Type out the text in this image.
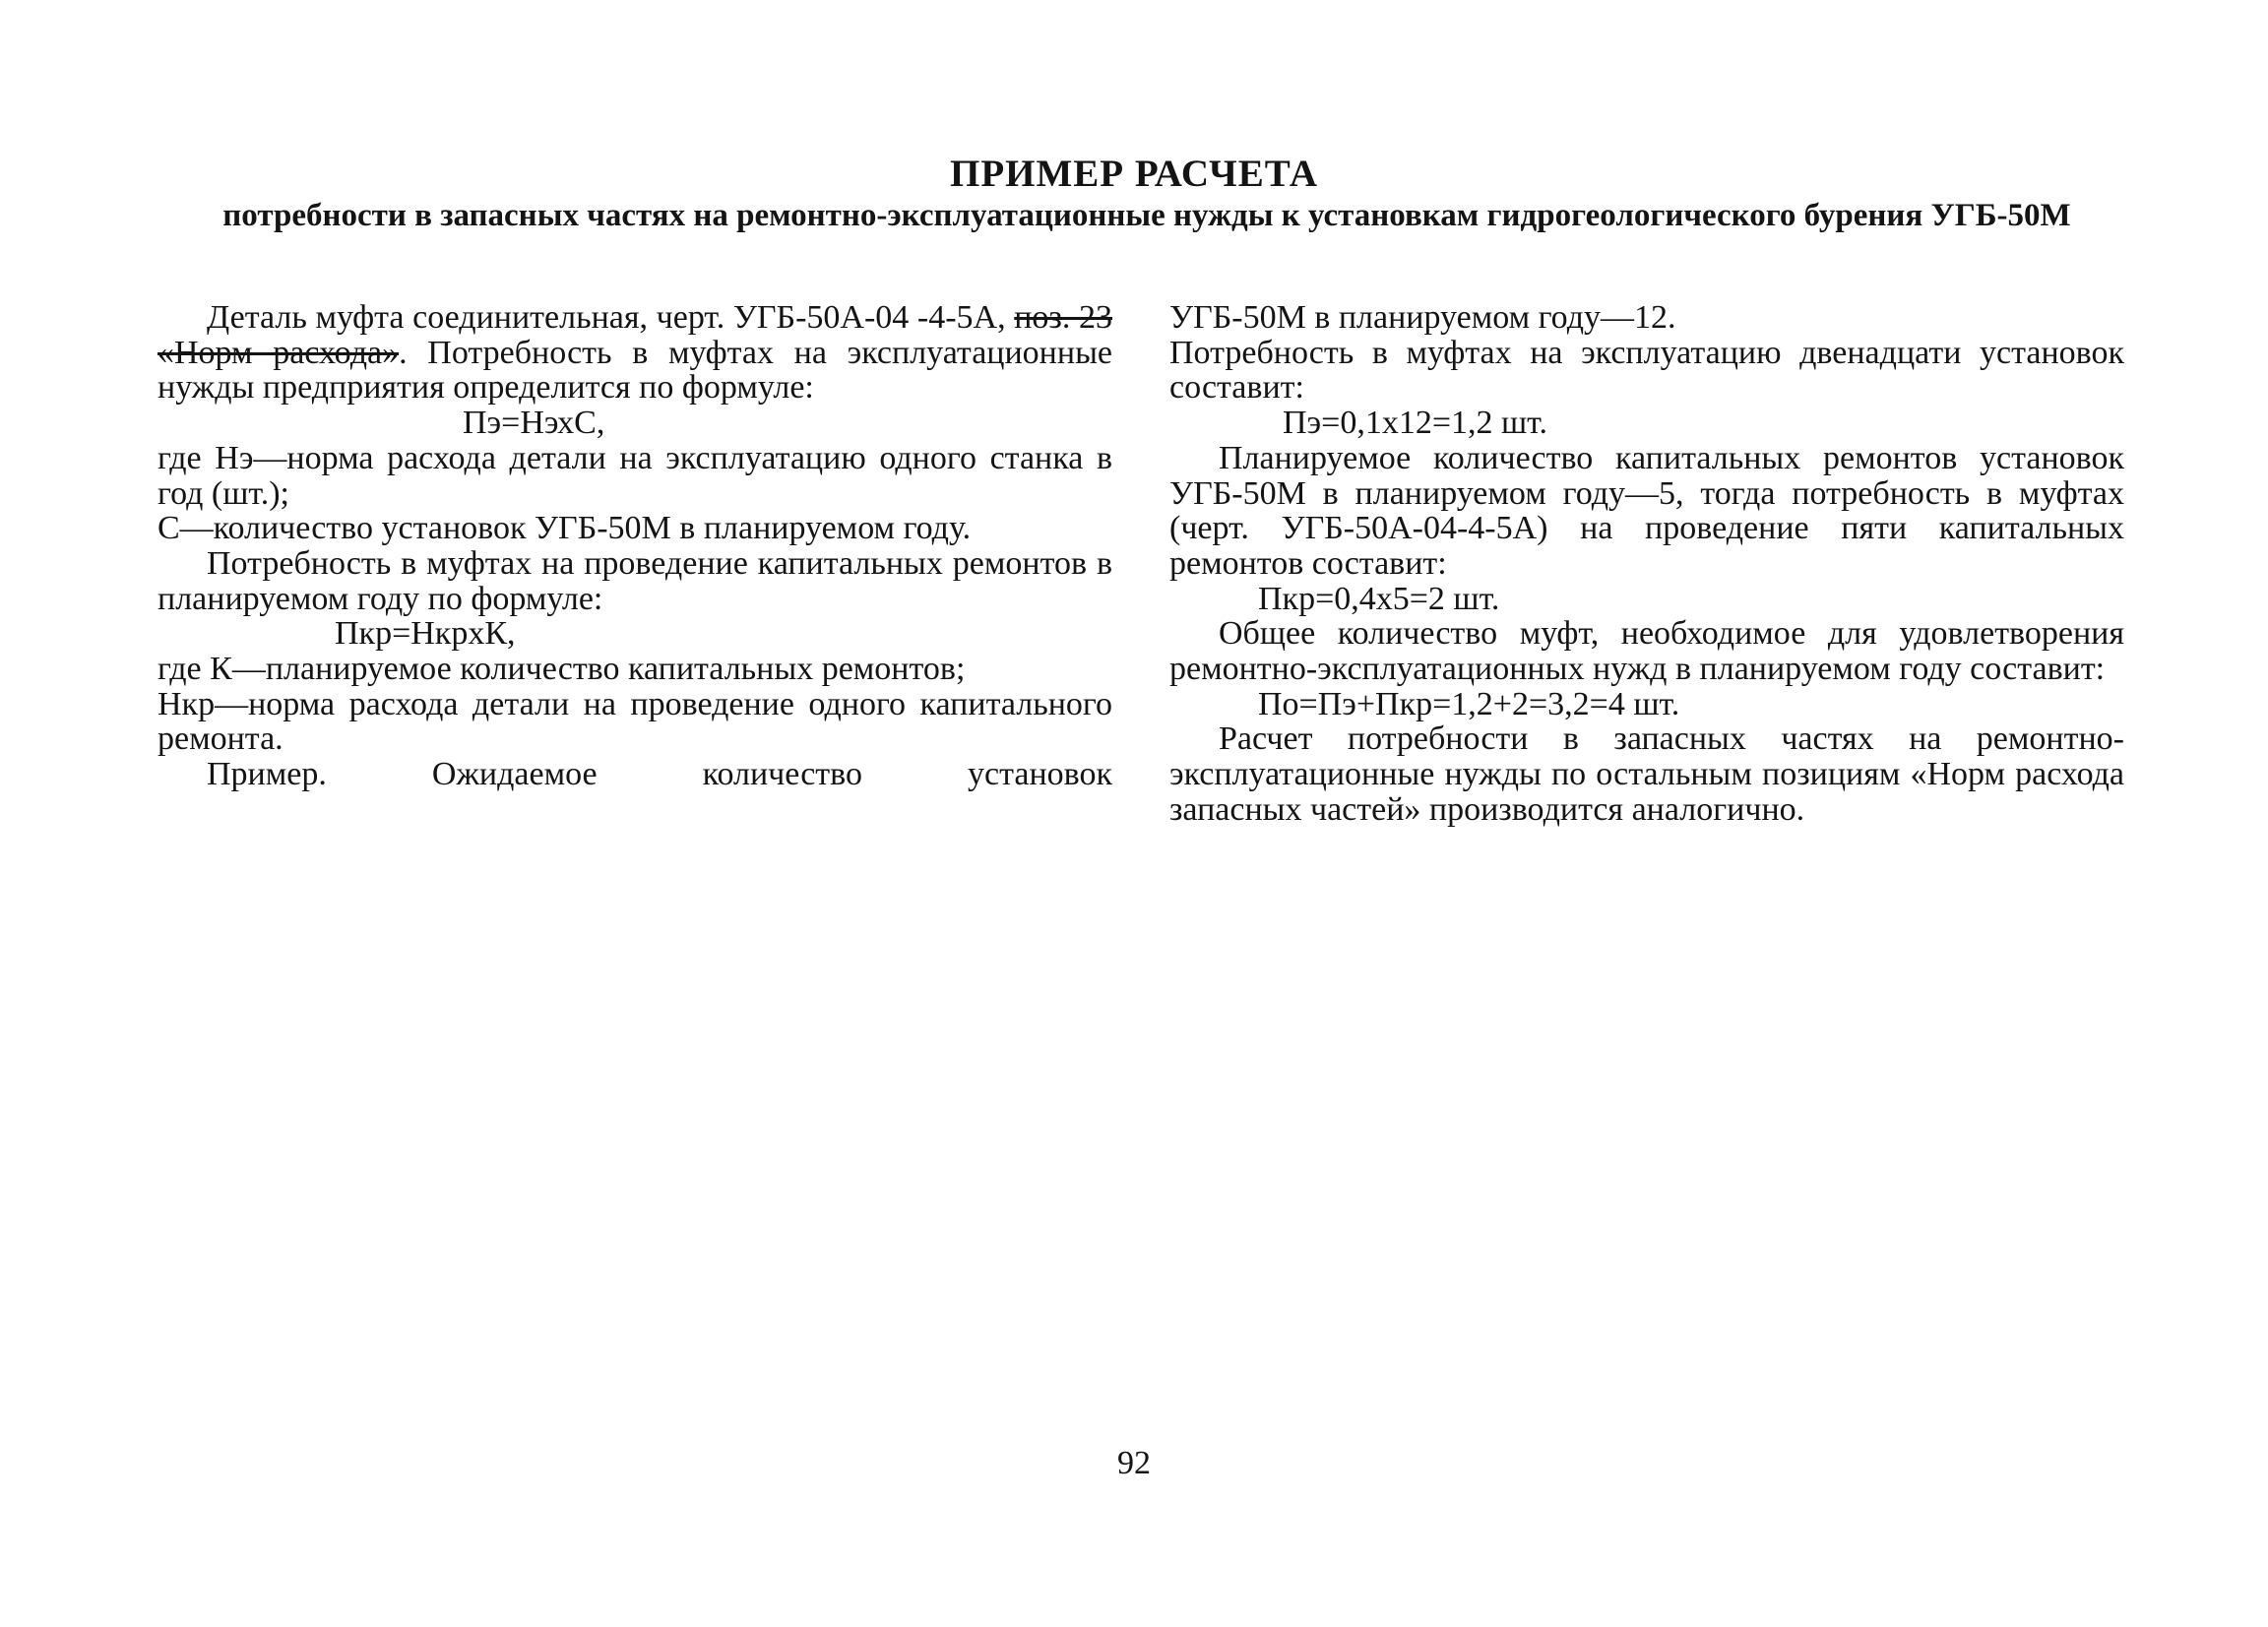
ПРИМЕР РАСЧЕТА
потребности в запасных частях на ремонтно-эксплуатационные нужды к установкам гидрогеологического бурения УГБ-50М

Деталь муфта соединительная, черт. УГБ-50А-04 -4-5А, поз. 23 «Норм расхода». Потребность в муфтах на эксплуатационные нужды предприятия определится по формуле:

Пэ=НэхС,

где Нэ—норма расхода детали на эксплуатацию одного станка в год (шт.);

С—количество установок УГБ-50М в планируемом году.

Потребность в муфтах на проведение капитальных ремонтов в планируемом году по формуле:

Пкр=НкрхК,

где К—планируемое количество капитальных ремонтов;

Нкр—норма расхода детали на проведение одного капитального ремонта.

Пример. Ожидаемое количество установок

УГБ-50М в планируемом году—12.

Потребность в муфтах на эксплуатацию двенадцати установок составит:

Пэ=0,1х12=1,2 шт.

Планируемое количество капитальных ремонтов установок УГБ-50М в планируемом году—5, тогда потребность в муфтах (черт. УГБ-50А-04-4-5А) на проведение пяти капитальных ремонтов составит:

Пкр=0,4х5=2 шт.

Общее количество муфт, необходимое для удовлетворения ремонтно-эксплуатационных нужд в планируемом году составит:

По=Пэ+Пкр=1,2+2=3,2=4 шт.

Расчет потребности в запасных частях на ремонтно-эксплуатационные нужды по остальным позициям «Норм расхода запасных частей» производится аналогично.

92
